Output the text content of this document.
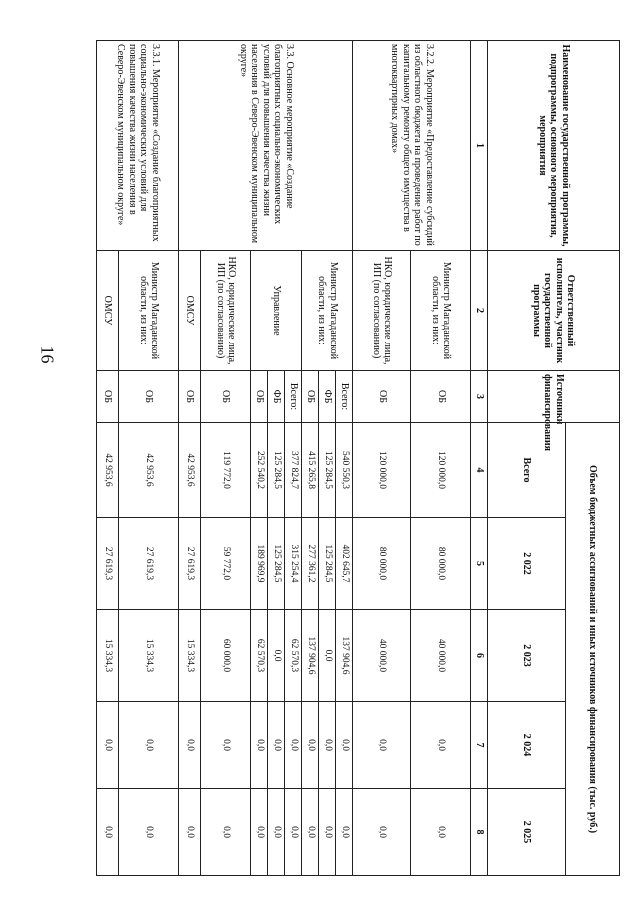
16
Наименование государственной программы, подпрограммы, основного мероприятия, мероприятия	Ответственный исполнитель, участник государственной программы	Источники финансирования	Объем бюджетных ассигнований и иных источников финансирования (тыс. руб.)				
			Всего	2 022	2 023	2 024	2 025
1	2	3	4	5	6	7	8
3.2.2. Мероприятие «Предоставление субсидий из областного бюджета на проведение работ по капитальному ремонту общего имущества в многоквартирных домах»	Министр Магаданской области, из них:	ОБ	120 000,0	80 000,0	40 000,0	0,0	0,0
	НКО, юридические лица, ИП (по согласованию)	ОБ	120 000,0	80 000,0	40 000,0	0,0	0,0
3.3. Основное мероприятие «Создание благоприятных социально-экономических условий для повышения качества жизни населения в Северо-Эвенском муниципальном округе»	Министр Магаданской области, из них:	Всего:	540 550,3	402 645,7	137 904,6	0,0	0,0
		ФБ	125 284,5	125 284,5	0,0	0,0	0,0
		ОБ	415 265,8	277 361,2	137 904,6	0,0	0,0
	Управление	Всего:	377 824,7	315 254,4	62 570,3	0,0	0,0
		ФБ	125 284,5	125 284,5	0,0	0,0	0,0
		ОБ	252 540,2	189 969,9	62 570,3	0,0	0,0
	НКО, юридические лица, ИП (по согласованию)	ОБ	119 772,0	59 772,0	60 000,0	0,0	0,0
	ОМСУ	ОБ	42 953,6	27 619,3	15 334,3	0,0	0,0
3.3.1. Мероприятие «Создание благоприятных социально-экономических условий для повышения качества жизни населения в Северо-Эвенском муниципальном округе»	Министр Магаданской области, из них:	ОБ	42 953,6	27 619,3	15 334,3	0,0	0,0
	ОМСУ	ОБ	42 953,6	27 619,3	15 334,3	0,0	0,0
